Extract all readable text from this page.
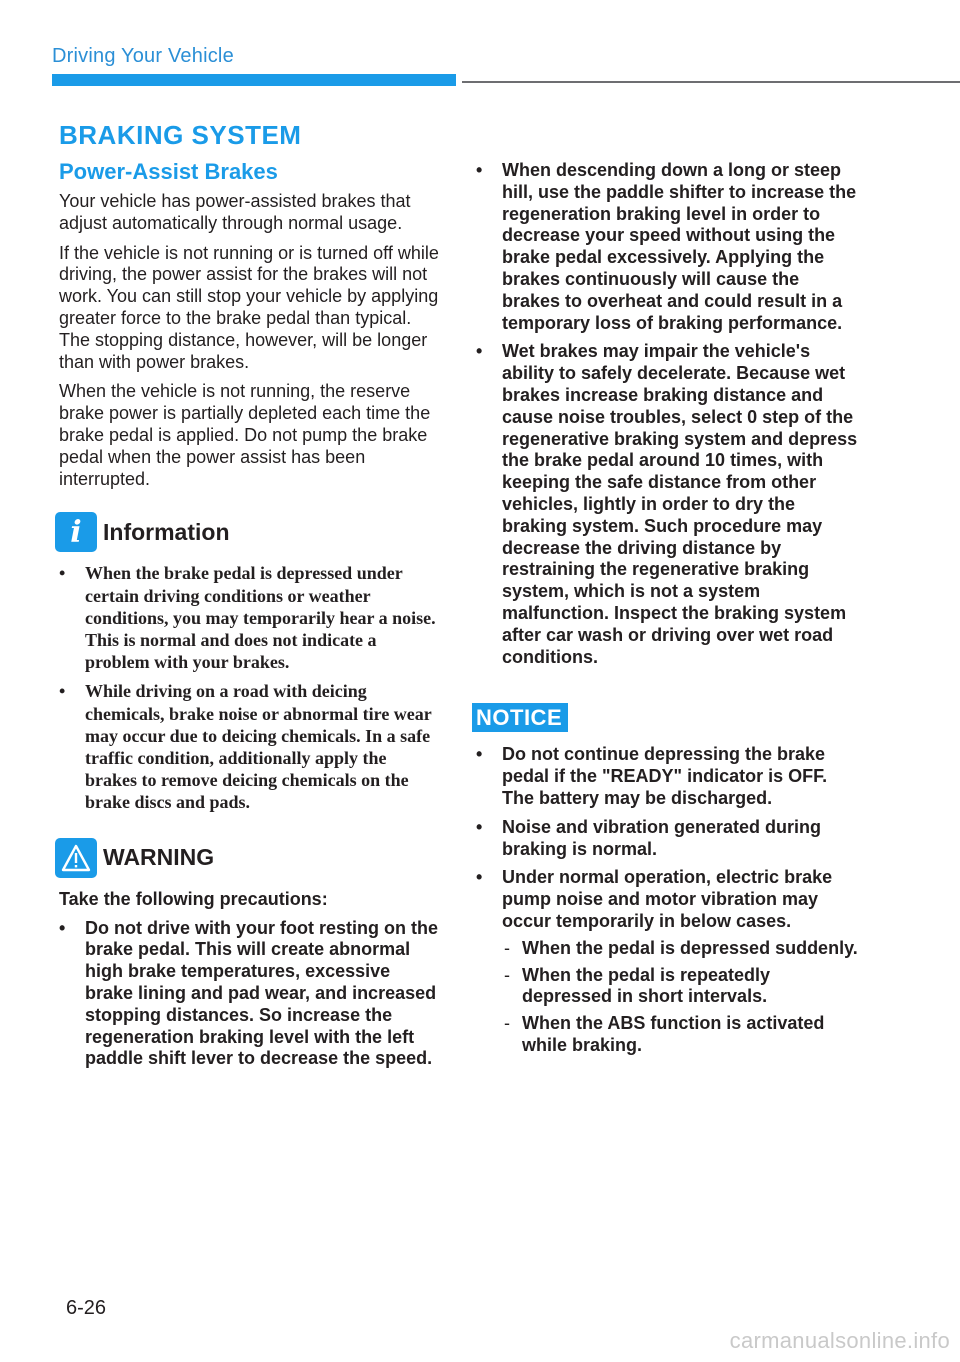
Driving Your Vehicle
BRAKING SYSTEM
Power-Assist Brakes

Your vehicle has power-assisted brakes that adjust automatically through normal usage.

If the vehicle is not running or is turned off while driving, the power assist for the brakes will not work. You can still stop your vehicle by applying greater force to the brake pedal than typical. The stopping distance, however, will be longer than with power brakes.

When the vehicle is not running, the reserve brake power is partially depleted each time the brake pedal is applied. Do not pump the brake pedal when the power assist has been interrupted.

i Information
• When the brake pedal is depressed under certain driving conditions or weather conditions, you may temporarily hear a noise. This is normal and does not indicate a problem with your brakes.
• While driving on a road with deicing chemicals, brake noise or abnormal tire wear may occur due to deicing chemicals. In a safe traffic condition, additionally apply the brakes to remove deicing chemicals on the brake discs and pads.
WARNING
Take the following precautions:
• Do not drive with your foot resting on the brake pedal. This will create abnormal high brake temperatures, excessive brake lining and pad wear, and increased stopping distances. So increase the regeneration braking level with the left paddle shift lever to decrease the speed.
• When descending down a long or steep hill, use the paddle shifter to increase the regeneration braking level in order to decrease your speed without using the brake pedal excessively. Applying the brakes continuously will cause the brakes to overheat and could result in a temporary loss of braking performance.
• Wet brakes may impair the vehicle's ability to safely decelerate. Because wet brakes increase braking distance and cause noise troubles, select 0 step of the regenerative braking system and depress the brake pedal around 10 times, with keeping the safe distance from other vehicles, lightly in order to dry the braking system. Such procedure may decrease the driving distance by restraining the regenerative braking system, which is not a system malfunction. Inspect the braking system after car wash or driving over wet road conditions.
NOTICE
• Do not continue depressing the brake pedal if the "READY" indicator is OFF. The battery may be discharged.
• Noise and vibration generated during braking is normal.
• Under normal operation, electric brake pump noise and motor vibration may occur temporarily in below cases.
- When the pedal is depressed suddenly.
- When the pedal is repeatedly depressed in short intervals.
- When the ABS function is activated while braking.
6-26
carmanualsonline.info
